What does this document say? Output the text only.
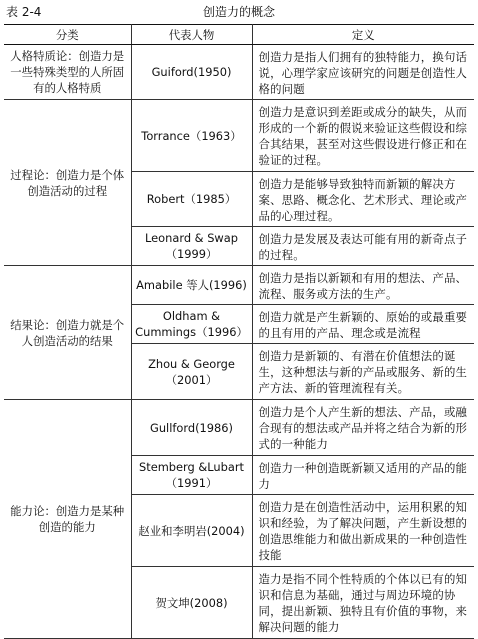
表 2-4	创造力的概念
分类	代表人物	定义
人格特质论：创造力是一些特殊类型的人所固有的人格特质	Guiford(1950)	创造力是指人们拥有的独特能力，换句话说，心理学家应该研究的问题是创造性人格的问题
过程论：创造力是个体创造活动的过程	Torrance（1963）	创造力是意识到差距或成分的缺失，从而形成的一个新的假说来验证这些假设和综合其结果，甚至对这些假设进行修正和在验证的过程。
	Robert（1985）	创造力是能够导致独特而新颖的解决方案、思路、概念化、艺术形式、理论或产品的心理过程。
	Leonard & Swap（1999）	创造力是发展及表达可能有用的新奇点子的过程。
结果论：创造力就是个人创造活动的结果	Amabile 等人(1996)	创造力是指以新颖和有用的想法、产品、流程、服务或方法的生产。
	Oldham & Cummings（1996）	创造力就是产生新颖的、原始的或最重要的且有用的产品、理念或是流程
	Zhou & George（2001）	创造力是新颖的、有潜在价值想法的诞生，这种想法与新的产品或服务、新的生产方法、新的管理流程有关。
能力论：创造力是某种创造的能力	Gullford(1986)	创造力是个人产生新的想法、产品，或融合现有的想法或产品并将之结合为新的形式的一种能力
	Stemberg &Lubart（1991）	创造力一种创造既新颖又适用的产品的能力
	赵业和李明岩(2004)	创造力是在创造性活动中，运用积累的知识和经验，为了解决问题，产生新设想的创造思维能力和做出新成果的一种创造性技能
	贺文坤(2008)	造力是指不同个性特质的个体以已有的知识和信息为基础，通过与周边环境的协同，提出新颖、独特且有价值的事物，来解决问题的能力
